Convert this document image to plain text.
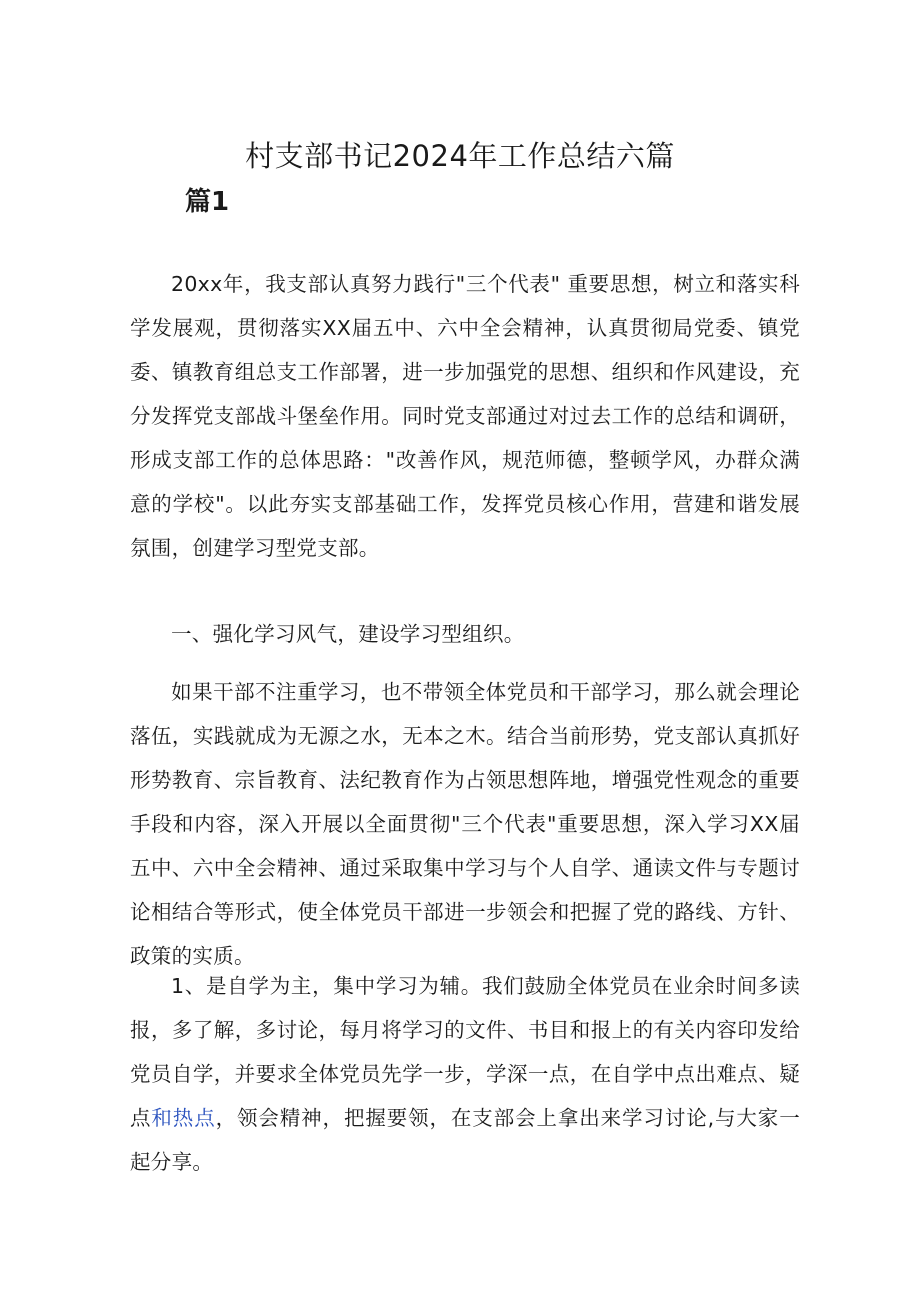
村支部书记2024年工作总结六篇
篇1

20xx年，我支部认真努力践行"三个代表" 重要思想，树立和落实科学发展观，贯彻落实XX届五中、六中全会精神，认真贯彻局党委、镇党委、镇教育组总支工作部署，进一步加强党的思想、组织和作风建设，充分发挥党支部战斗堡垒作用。同时党支部通过对过去工作的总结和调研，形成支部工作的总体思路："改善作风，规范师德，整顿学风，办群众满意的学校"。以此夯实支部基础工作，发挥党员核心作用，营建和谐发展氛围，创建学习型党支部。

一、强化学习风气，建设学习型组织。

如果干部不注重学习，也不带领全体党员和干部学习，那么就会理论落伍，实践就成为无源之水，无本之木。结合当前形势，党支部认真抓好形势教育、宗旨教育、法纪教育作为占领思想阵地，增强党性观念的重要手段和内容，深入开展以全面贯彻"三个代表"重要思想，深入学习XX届五中、六中全会精神、通过采取集中学习与个人自学、通读文件与专题讨论相结合等形式，使全体党员干部进一步领会和把握了党的路线、方针、政策的实质。

1、是自学为主，集中学习为辅。我们鼓励全体党员在业余时间多读报，多了解，多讨论，每月将学习的文件、书目和报上的有关内容印发给党员自学，并要求全体党员先学一步，学深一点，在自学中点出难点、疑点和热点，领会精神，把握要领，在支部会上拿出来学习讨论,与大家一起分享。
